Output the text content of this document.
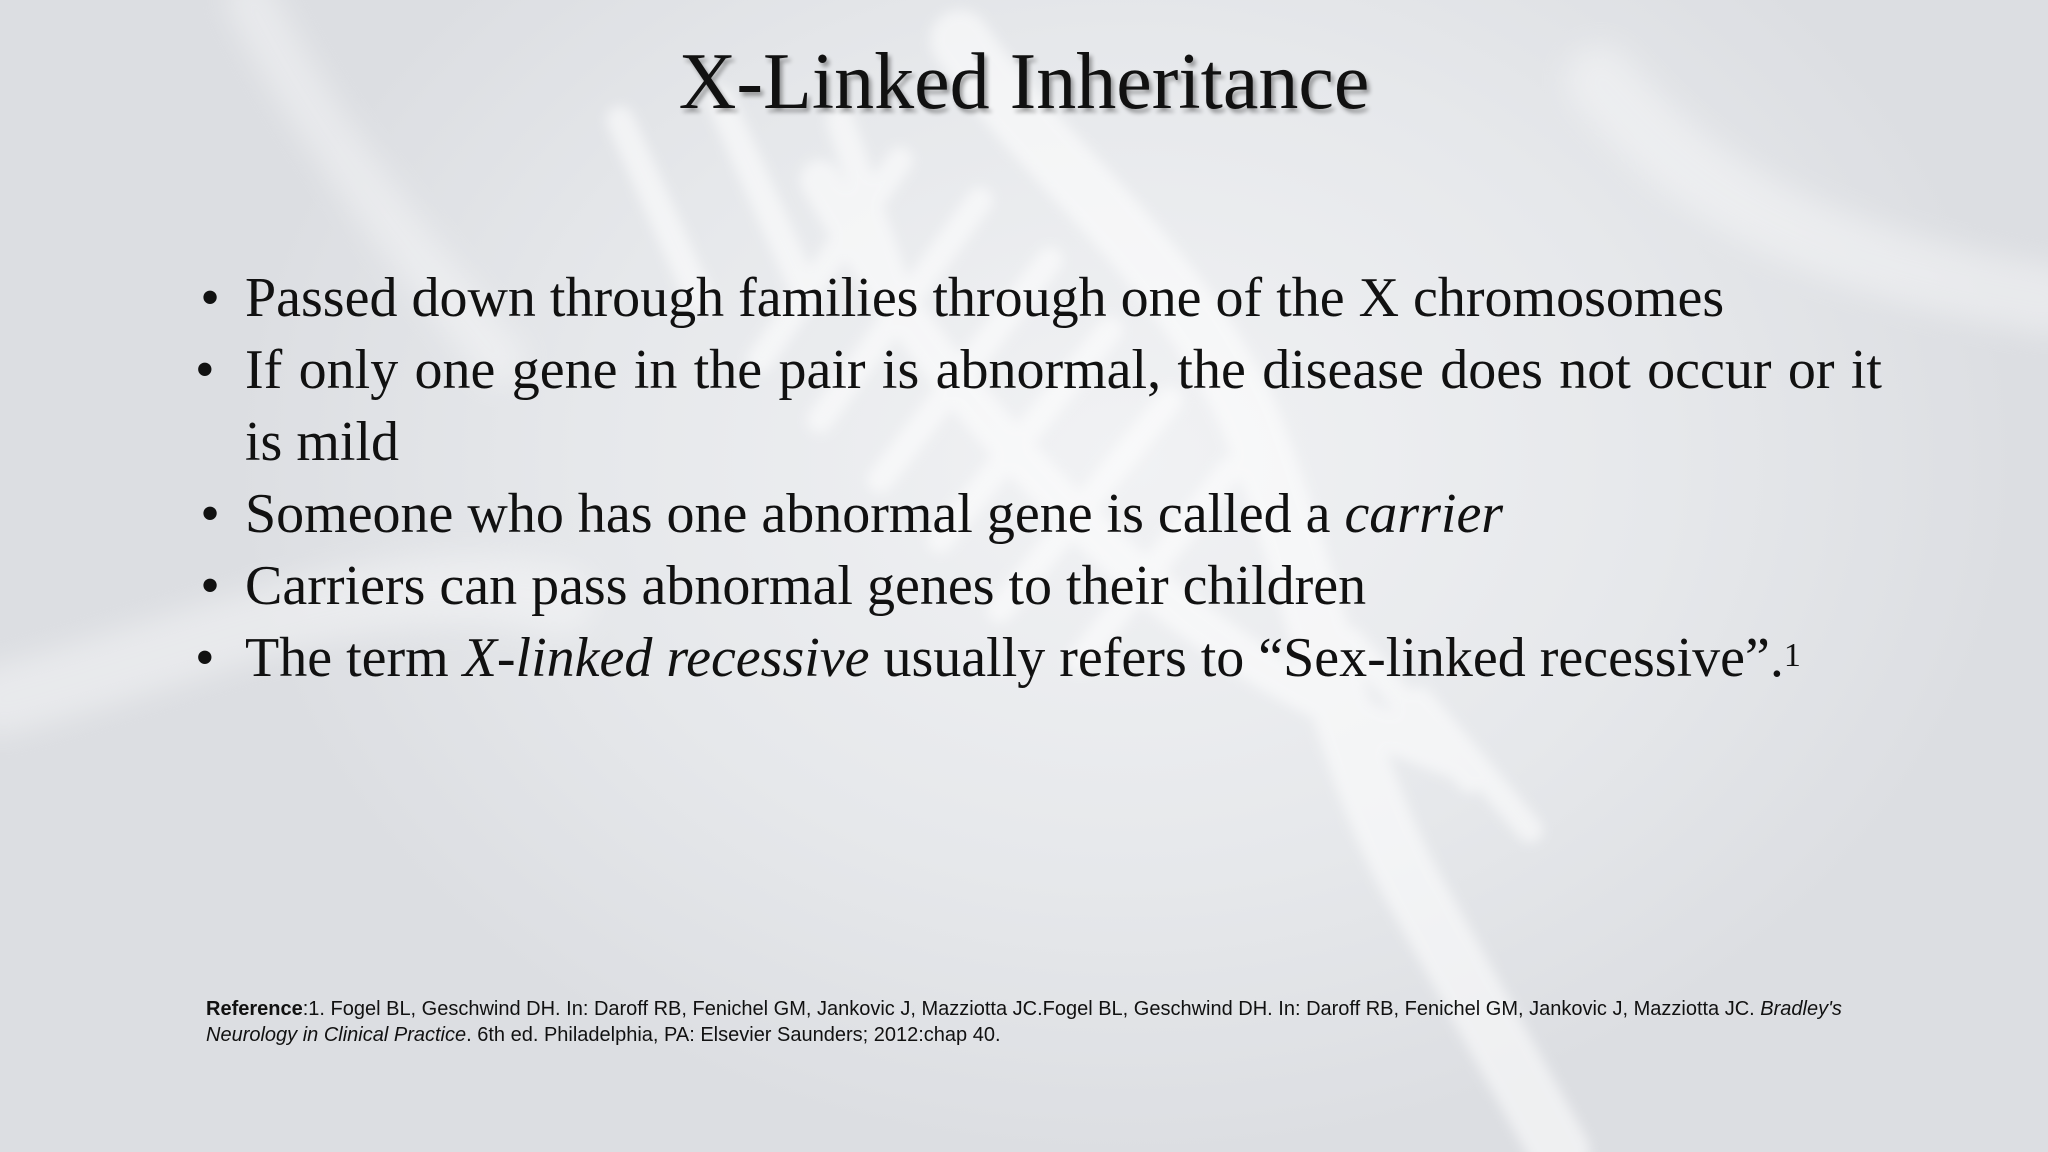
X-Linked Inheritance
• Passed down through families through one of the X chromosomes
• If only one gene in the pair is abnormal, the disease does not occur or it is mild
• Someone who has one abnormal gene is called a carrier
• Carriers can pass abnormal genes to their children
• The term X-linked recessive usually refers to “Sex-linked recessive”.$^1$
Reference:1. Fogel BL, Geschwind DH. In: Daroff RB, Fenichel GM, Jankovic J, Mazziotta JC.Fogel BL, Geschwind DH. In: Daroff RB, Fenichel GM, Jankovic J, Mazziotta JC. Bradley's Neurology in Clinical Practice. 6th ed. Philadelphia, PA: Elsevier Saunders; 2012:chap 40.
